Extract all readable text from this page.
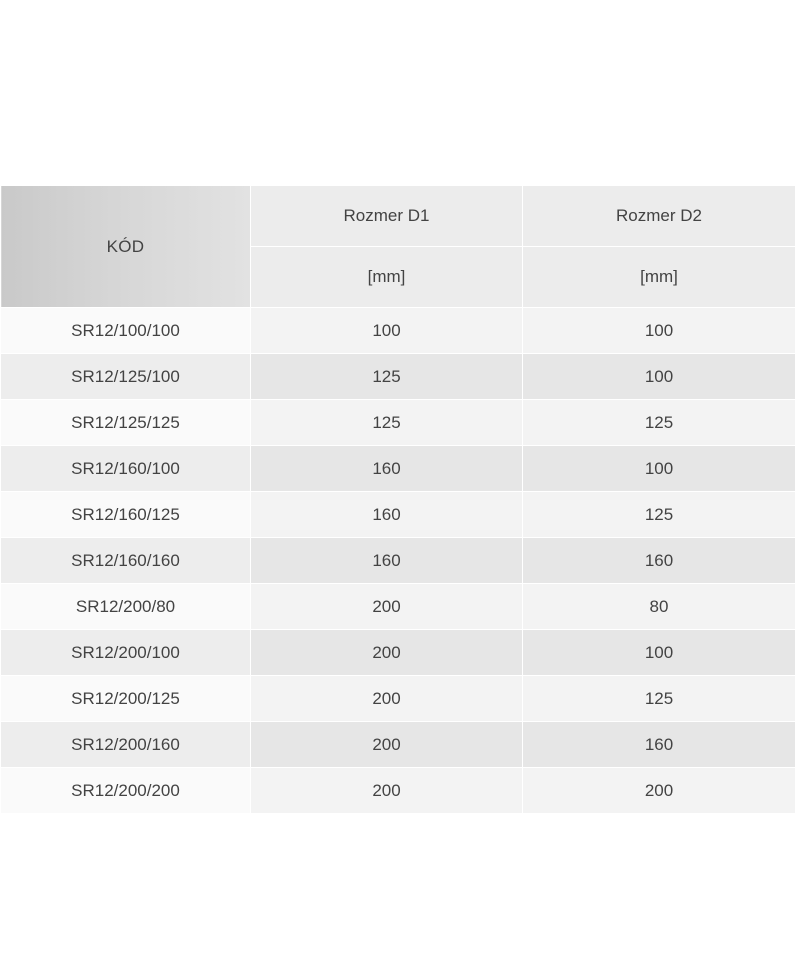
KÓD	Rozmer D1	Rozmer D2
	[mm]	[mm]
SR12/100/100	100	100
SR12/125/100	125	100
SR12/125/125	125	125
SR12/160/100	160	100
SR12/160/125	160	125
SR12/160/160	160	160
SR12/200/80	200	80
SR12/200/100	200	100
SR12/200/125	200	125
SR12/200/160	200	160
SR12/200/200	200	200
